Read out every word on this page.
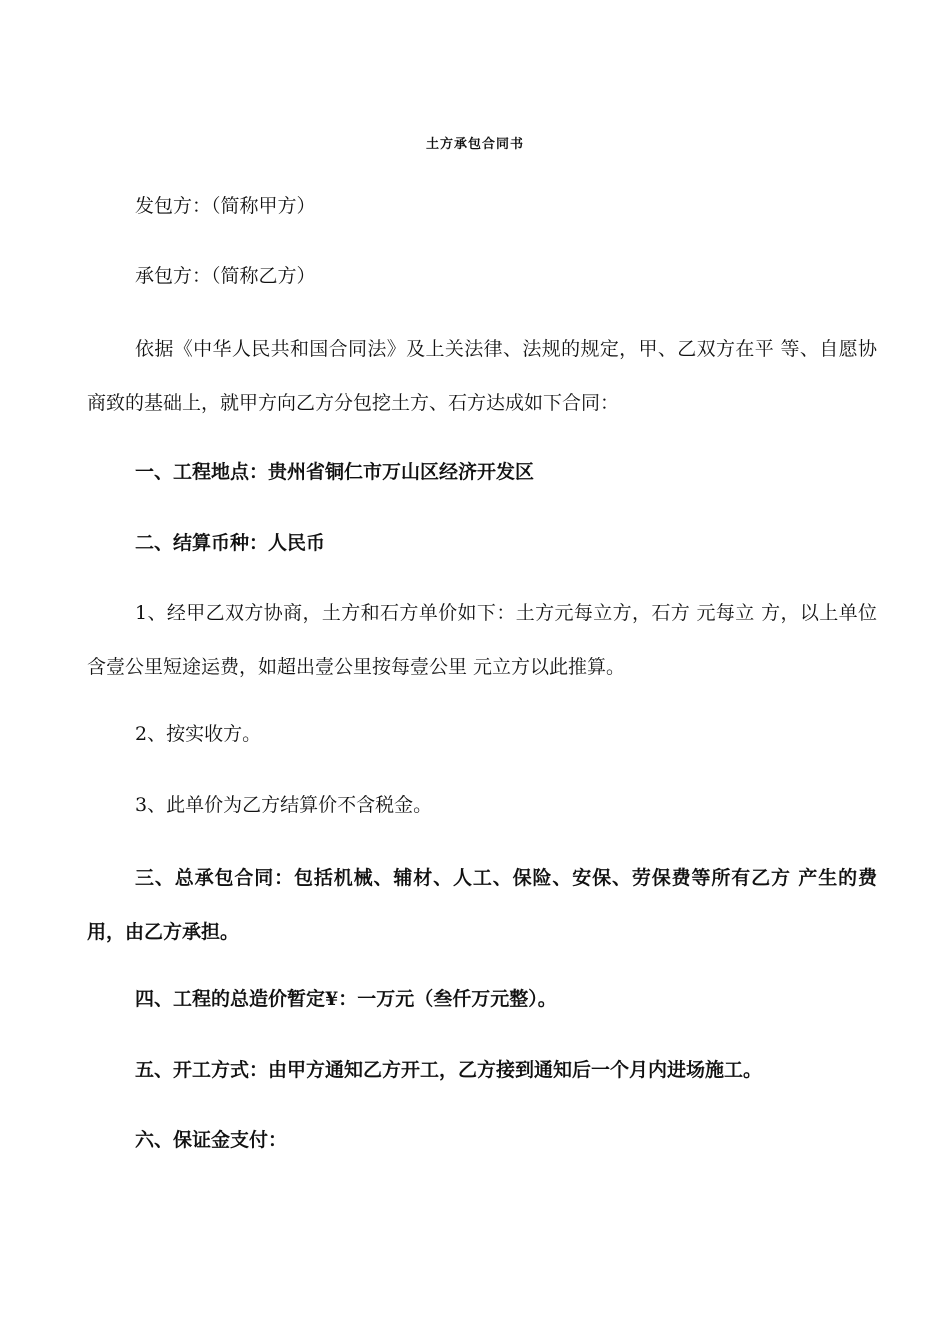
土方承包合同书

发包方：（简称甲方）

承包方：（简称乙方）

依据《中华人民共和国合同法》及上关法律、法规的规定，甲、乙双方在平 等、自愿协商致的基础上，就甲方向乙方分包挖土方、石方达成如下合同：

一、工程地点：贵州省铜仁市万山区经济开发区

二、结算币种：人民币

1、经甲乙双方协商，土方和石方单价如下：土方元每立方，石方 元每立 方，以上单位含壹公里短途运费，如超出壹公里按每壹公里 元立方以此推算。

2、按实收方。

3、此单价为乙方结算价不含税金。

三、总承包合同：包括机械、辅材、人工、保险、安保、劳保费等所有乙方 产生的费用，由乙方承担。

四、工程的总造价暂定¥：一万元（叁仟万元整）。

五、开工方式：由甲方通知乙方开工，乙方接到通知后一个月内进场施工。

六、保证金支付：
